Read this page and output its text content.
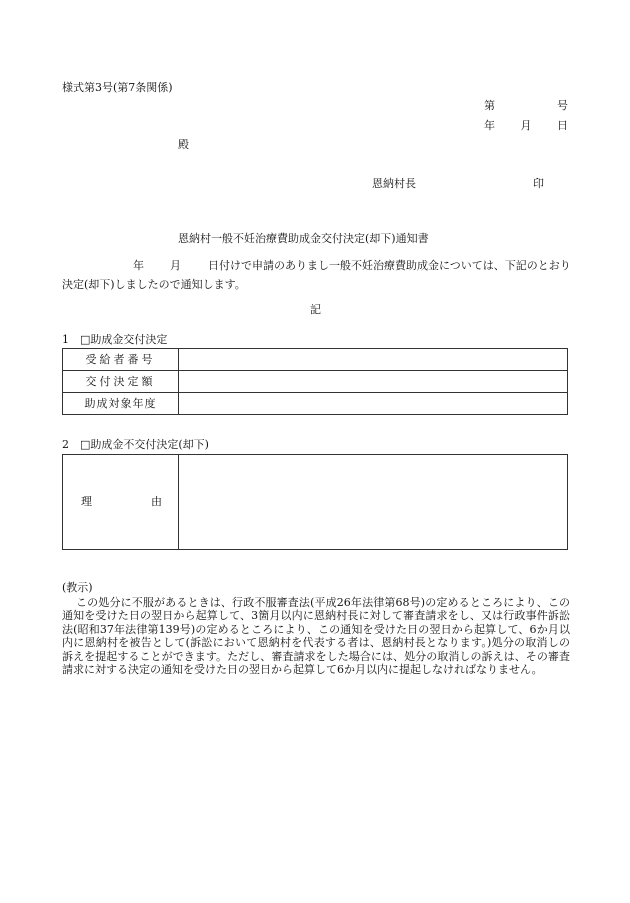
様式第3号(第7条関係)
第	号
年 月 日
殿
恩納村長	印
恩納村一般不妊治療費助成金交付決定(却下)通知書
年 月 日付けで申請のありまし一般不妊治療費助成金については、下記のとおり決定(却下)しましたので通知します。
記
1 □助成金交付決定
受給者番号	
交付決定額	
助成対象年度	
2 □助成金不交付決定(却下)
理	由

(教示)

この処分に不服があるときは、行政不服審査法(平成26年法律第68号)の定めるところにより、この通知を受けた日の翌日から起算して、3箇月以内に恩納村長に対して審査請求をし、又は行政事件訴訟法(昭和37年法律第139号)の定めるところにより、この通知を受けた日の翌日から起算して、6か月以内に恩納村を被告として(訴訟において恩納村を代表する者は、恩納村長となります。)処分の取消しの訴えを提起することができます。ただし、審査請求をした場合には、処分の取消しの訴えは、その審査請求に対する決定の通知を受けた日の翌日から起算して6か月以内に提起しなければなりません。
